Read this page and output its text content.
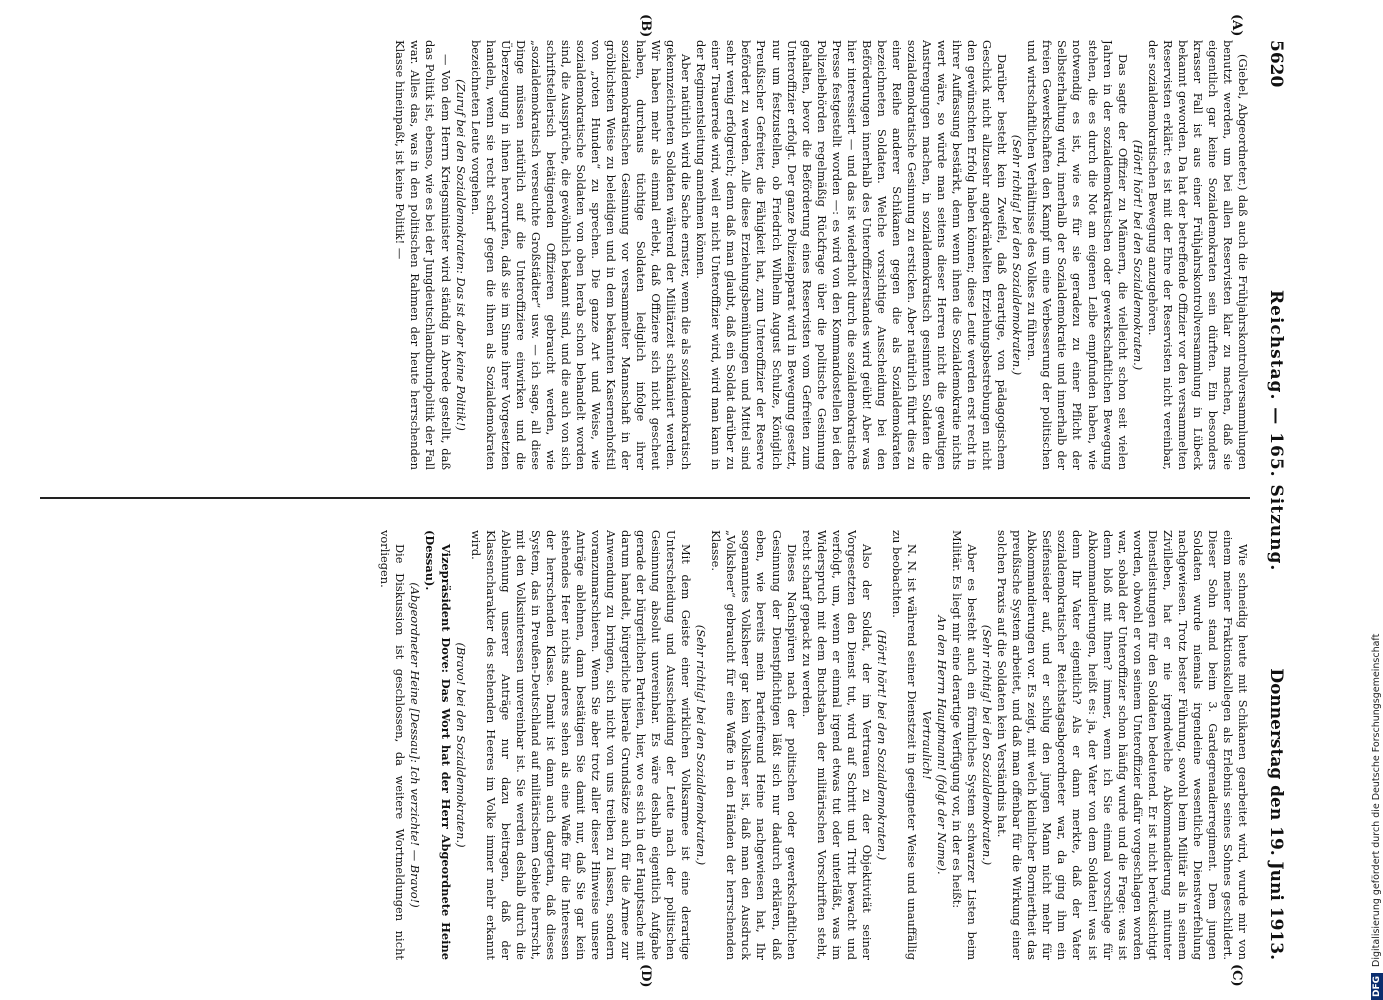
5620
Reichstag. — 165. Sitzung.
Donnerstag den 19. Juni 1913.
(A)
(B)
(C)
(D)

(Giebel, Abgeordneter.) daß auch die Frühjahrskontrollversammlungen benutzt werden, um bei allen Reservisten klar zu machen, daß sie eigentlich gar keine Sozialdemokraten sein dürften. Ein besonders krasser Fall ist aus einer Frühjahrskontrollversammlung in Lübeck bekannt geworden. Da hat der betreffende Offizier vor den versammelten Reservisten erklärt: es ist mit der Ehre der Reservisten nicht vereinbar, der sozialdemokratischen Bewegung anzugehören.

(Hört! hört! bei den Sozialdemokraten.)

Das sagte der Offizier zu Männern, die vielleicht schon seit vielen Jahren in der sozialdemokratischen oder gewerkschaftlichen Bewegung stehen, die es durch die Not am eigenen Leibe empfunden haben, wie notwendig es ist, wie es für sie geradezu zu einer Pflicht der Selbsterhaltung wird, innerhalb der Sozialdemokratie und innerhalb der freien Gewerkschaften den Kampf um eine Verbesserung der politischen und wirtschaftlichen Verhältnisse des Volkes zu führen.

(Sehr richtig! bei den Sozialdemokraten.)

Darüber besteht kein Zweifel, daß derartige, von pädagogischem Geschick nicht allzusehr angekränkelten Erziehungsbestrebungen nicht den gewünschten Erfolg haben können; diese Leute werden erst recht in ihrer Auffassung bestärkt, denn wenn ihnen die Sozialdemokratie nichts wert wäre, so würde man seitens dieser Herren nicht die gewaltigen Anstrengungen machen, in sozialdemokratisch gesinnten Soldaten die sozialdemokratische Gesinnung zu ersticken. Aber natürlich führt dies zu einer Reihe anderer Schikanen gegen die als Sozialdemokraten bezeichneten Soldaten. Welche vorsichtige Ausscheidung bei den Beförderungen innerhalb des Unteroffizierstandes wird geübt! Aber was hier interessiert — und das ist wiederholt durch die sozialdemokratische Presse festgestellt worden —: es wird von den Kommandostellen bei den Polizeibehörden regelmäßig Rückfrage über die politische Gesinnung gehalten, bevor die Beförderung eines Reservisten vom Gefreiten zum Unteroffizier erfolgt. Der ganze Polizeiapparat wird in Bewegung gesetzt, nur um festzustellen, ob Friedrich Wilhelm August Schulze, Königlich Preußischer Gefreiter, die Fähigkeit hat, zum Unteroffizier der Reserve befördert zu werden. Alle diese Erziehungsbemühungen und Mittel sind sehr wenig erfolgreich; denn daß man glaubt, daß ein Soldat darüber zu einer Trauerrede wird, weil er nicht Unteroffizier wird, wird man kann in der Regimentsleitung annehmen können.

Aber natürlich wird die Sache ernster, wenn die als sozialdemokratisch gekennzeichneten Soldaten während der Militärzeit schikaniert werden. Wir haben mehr als einmal erlebt, daß Offiziere sich nicht gescheut haben, durchaus tüchtige Soldaten lediglich infolge ihrer sozialdemokratischen Gesinnung vor versammelter Mannschaft in der gröblichsten Weise zu beleidigen und in dem bekannten Kasernenhofstil von „roten Hunden“ zu sprechen. Die ganze Art und Weise, wie sozialdemokratische Soldaten von oben herab schon behandelt worden sind, die Aussprüche, die gewöhnlich bekannt sind, und die auch von sich schriftstellerisch betätigenden Offizieren gebraucht werden, wie „sozialdemokratisch verseuchte Großstädter“ usw. — ich sage, all diese Dinge müssen natürlich auf die Unteroffiziere einwirken und die Überzeugung in ihnen hervorrufen, daß sie im Sinne ihrer Vorgesetzten handeln, wenn sie recht scharf gegen die ihnen als Sozialdemokraten bezeichneten Leute vorgehen.

(Zuruf bei den Sozialdemokraten: Das ist aber keine Politik!)

— Von dem Herrn Kriegsminister wird ständig in Abrede gestellt, daß das Politik ist, ebenso, wie es bei der Jungdeutschlandbundpolitik der Fall war. Alles das, was in den politischen Rahmen der heute herrschenden Klasse hineinpaßt, ist keine Politik! —

Wie schneidig heute mit Schikanen gearbeitet wird, wurde mir von einem meiner Fraktionskollegen als Erlebnis seines Sohnes geschildert. Dieser Sohn stand beim 3. Gardegrenadierregiment. Dem jungen Soldaten wurde niemals irgendeine wesentliche Dienstverfehlung nachgewiesen. Trotz bester Führung, sowohl beim Militär als in seinem Zivilleben, hat er nie irgendwelche Abkommandierung mitunter Dienstleistungen für den Soldaten bedeutend. Er ist nicht berücksichtigt worden, obwohl er von seinem Unteroffizier dafür vorgeschlagen worden war, sobald der Unteroffizier schon häufig wurde und die Frage: was ist denn bloß mit Ihnen? immer, wenn ich Sie einmal vorschlage für Abkommandierungen, heißt es: ja, der Vater von dem Soldaten! was ist denn Ihr Vater eigentlich? Als er dann merkte, daß der Vater sozialdemokratischer Reichstagsabgeordneter war, da ging ihm ein Seifensieder auf, und er schlug den jungen Mann nicht mehr für Abkommandierungen vor. Es zeigt, mit welch kleinlicher Borniertheit das preußische System arbeitet, und daß man offenbar für die Wirkung einer solchen Praxis auf die Soldaten kein Verständnis hat.

(Sehr richtig! bei den Sozialdemokraten.)

Aber es besteht auch ein förmliches System schwarzer Listen beim Militär. Es liegt mir eine derartige Verfügung vor, in der es heißt:

An den Herrn Hauptmann! (folgt der Name).

Vertraulich!

N. N. ist während seiner Dienstzeit in geeigneter Weise und unauffällig zu beobachten.

(Hört! hört! bei den Sozialdemokraten.)

Also der Soldat, der im Vertrauen zu der Objektivität seiner Vorgesetzten den Dienst tut, wird auf Schritt und Tritt bewacht und verfolgt, um, wenn er einmal irgend etwas tut oder unterläßt, was im Widerspruch mit dem Buchstaben der militärischen Vorschriften steht, recht scharf gepackt zu werden.

Dieses Nachspüren nach der politischen oder gewerkschaftlichen Gesinnung der Dienstpflichtigen läßt sich nur dadurch erklären, daß eben, wie bereits mein Parteifreund Heine nachgewiesen hat, Ihr sogenanntes Volksheer gar kein Volksheer ist, daß man den Ausdruck „Volksheer“ gebraucht für eine Waffe in den Händen der herrschenden Klasse.

(Sehr richtig! bei den Sozialdemokraten.)

Mit dem Geiste einer wirklichen Volksarmee ist eine derartige Unterscheidung und Ausscheidung der Leute nach der politischen Gesinnung absolut unvereinbar. Es wäre deshalb eigentlich Aufgabe gerade der bürgerlichen Parteien, hier, wo es sich in der Hauptsache mit darum handelt, bürgerliche liberale Grundsätze auch für die Armee zur Anwendung zu bringen, sich nicht von uns treiben zu lassen, sondern voranzumarschieren. Wenn Sie aber trotz aller dieser Hinweise unsere Anträge ablehnen, dann bestätigen Sie damit nur, daß Sie gar kein stehendes Heer nichts anderes sehen als eine Waffe für die Interessen der herrschenden Klasse. Damit ist dann auch dargetan, daß dieses System, das in Preußen-Deutschland auf militärischem Gebiete herrscht, mit den Volksinteressen unvereinbar ist. Sie werden deshalb durch die Ablehnung unserer Anträge nur dazu beitragen, daß der Klassencharakter des stehenden Heeres im Volke immer mehr erkannt wird.

(Bravo! bei den Sozialdemokraten.)

Vizepräsident Dove: Das Wort hat der Herr Abgeordnete Heine (Dessau).

(Abgeordneter Heine [Dessau]: Ich verzichte! — Bravo!)

Die Diskussion ist geschlossen, da weitere Wortmeldungen nicht vorliegen.

DFGDigitalisierung gefördert durch die Deutsche Forschungsgemeinschaft
